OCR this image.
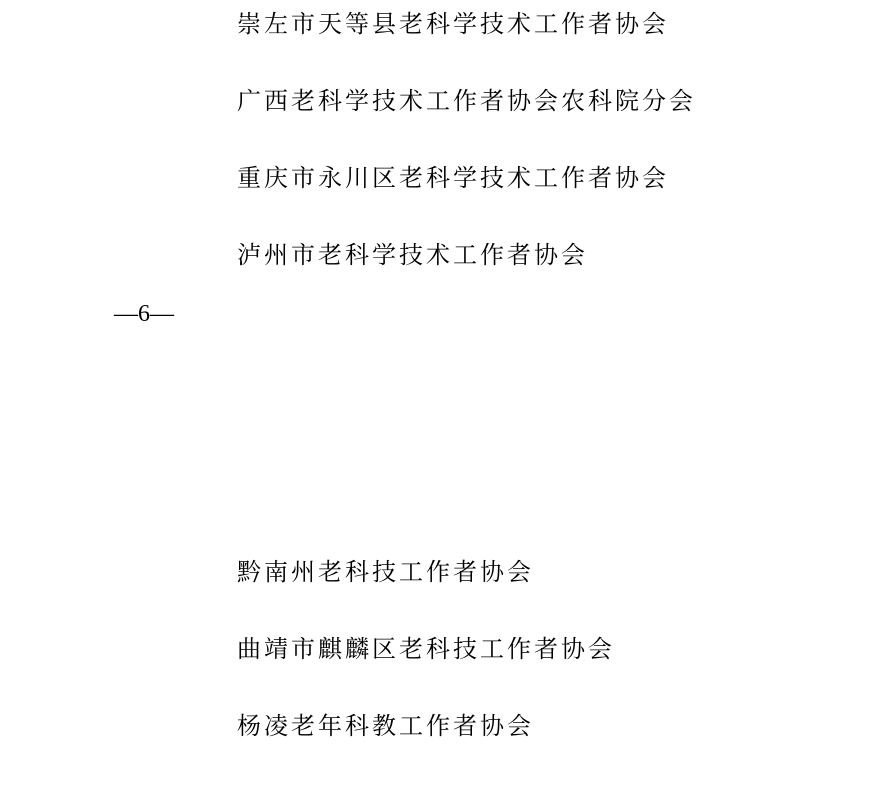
崇左市天等县老科学技术工作者协会
广西老科学技术工作者协会农科院分会
重庆市永川区老科学技术工作者协会
泸州市老科学技术工作者协会
—6—
黔南州老科技工作者协会
曲靖市麒麟区老科技工作者协会
杨凌老年科教工作者协会
